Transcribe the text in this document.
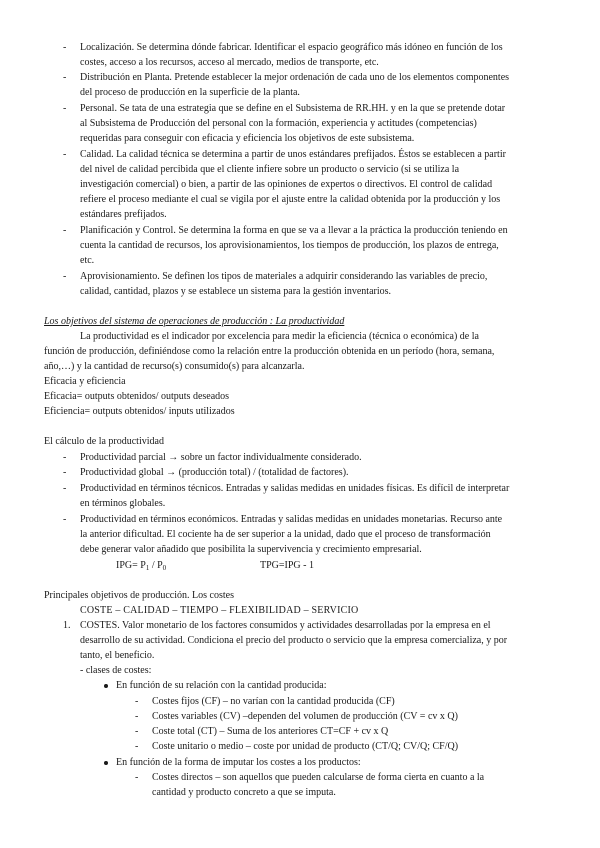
- Localización. Se determina dónde fabricar. Identificar el espacio geográfico más idóneo en función de los
costes, acceso a los recursos, acceso al mercado, medios de transporte, etc.
- Distribución en Planta. Pretende establecer la mejor ordenación de cada uno de los elementos componentes
del proceso de producción en la superficie de la planta.
- Personal. Se tata de una estrategia que se define en el Subsistema de RR.HH. y en la que se pretende dotar
al Subsistema de Producción del personal con la formación, experiencia y actitudes (competencias)
requeridas para conseguir con eficacia y eficiencia los objetivos de este subsistema.
- Calidad. La calidad técnica se determina a partir de unos estándares prefijados. Éstos se establecen a partir
del nivel de calidad percibida que el cliente infiere sobre un producto o servicio (si se utiliza la
investigación comercial) o bien, a partir de las opiniones de expertos o directivos. El control de calidad
refiere el proceso mediante el cual se vigila por el ajuste entre la calidad obtenida por la producción y los
estándares prefijados.
- Planificación y Control. Se determina la forma en que se va a llevar a la práctica la producción teniendo en
cuenta la cantidad de recursos, los aprovisionamientos, los tiempos de producción, los plazos de entrega,
etc.
- Aprovisionamiento. Se definen los tipos de materiales a adquirir considerando las variables de precio,
calidad, cantidad, plazos y se establece un sistema para la gestión inventarios.
Los objetivos del sistema de operaciones de producción : La productividad
La productividad es el indicador por excelencia para medir la eficiencia (técnica o económica) de la
función de producción, definiéndose como la relación entre la producción obtenida en un período (hora, semana,
año,…) y la cantidad de recurso(s) consumido(s) para alcanzarla.
Eficacia y eficiencia
Eficacia= outputs obtenidos/ outputs deseados
Eficiencia= outputs obtenidos/ inputs utilizados
El cálculo de la productividad
- Productividad parcial → sobre un factor individualmente considerado.
- Productividad global → (producción total) / (totalidad de factores).
- Productividad en términos técnicos. Entradas y salidas medidas en unidades físicas. Es difícil de interpretar
en términos globales.
- Productividad en términos económicos. Entradas y salidas medidas en unidades monetarias. Recurso ante
la anterior dificultad. El cociente ha de ser superior a la unidad, dado que el proceso de transformación
debe generar valor añadido que posibilita la supervivencia y crecimiento empresarial.
$IPG= P_1 / P_0$	TPG=IPG - 1
Principales objetivos de producción. Los costes
COSTE – CALIDAD – TIEMPO – FLEXIBILIDAD – SERVICIO
1. COSTES. Valor monetario de los factores consumidos y actividades desarrolladas por la empresa en el
desarrollo de su actividad. Condiciona el precio del producto o servicio que la empresa comercializa, y por
tanto, el beneficio.
- clases de costes:
En función de su relación con la cantidad producida:
- Costes fijos (CF) – no varían con la cantidad producida (CF)
- Costes variables (CV) –dependen del volumen de producción (CV = cv x Q)
- Coste total (CT) – Suma de los anteriores CT=CF + cv x Q
- Coste unitario o medio – coste por unidad de producto (CT/Q; CV/Q; CF/Q)
En función de la forma de imputar los costes a los productos:
- Costes directos – son aquellos que pueden calcularse de forma cierta en cuanto a la
cantidad y producto concreto a que se imputa.
